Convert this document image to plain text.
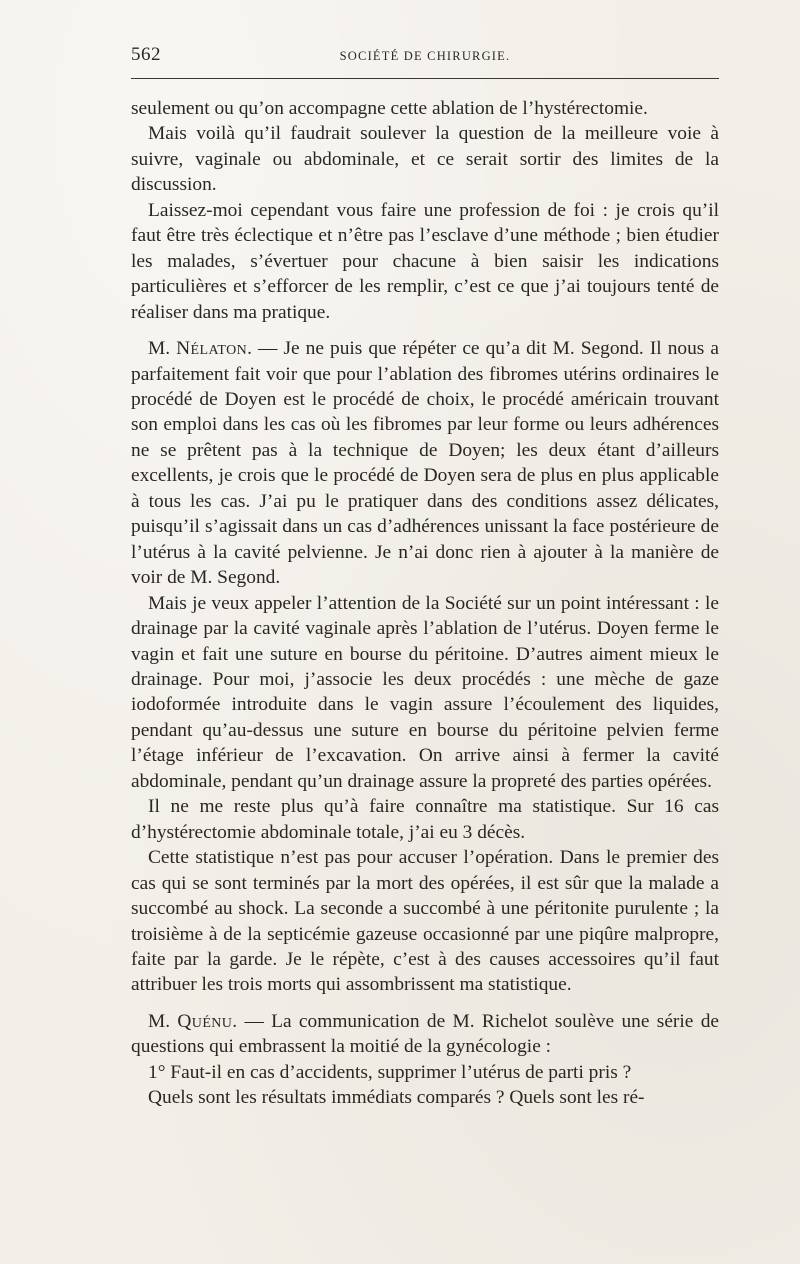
562	SOCIÉTÉ DE CHIRURGIE.

seulement ou qu’on accompagne cette ablation de l’hystérectomie.

Mais voilà qu’il faudrait soulever la question de la meilleure voie à suivre, vaginale ou abdominale, et ce serait sortir des limites de la discussion.

Laissez-moi cependant vous faire une profession de foi : je crois qu’il faut être très éclectique et n’être pas l’esclave d’une méthode ; bien étudier les malades, s’évertuer pour chacune à bien saisir les indications particulières et s’efforcer de les remplir, c’est ce que j’ai toujours tenté de réaliser dans ma pratique.

M. Nélaton. — Je ne puis que répéter ce qu’a dit M. Segond. Il nous a parfaitement fait voir que pour l’ablation des fibromes utérins ordinaires le procédé de Doyen est le procédé de choix, le procédé américain trouvant son emploi dans les cas où les fibromes par leur forme ou leurs adhérences ne se prêtent pas à la technique de Doyen; les deux étant d’ailleurs excellents, je crois que le procédé de Doyen sera de plus en plus applicable à tous les cas. J’ai pu le pratiquer dans des conditions assez délicates, puisqu’il s’agissait dans un cas d’adhérences unissant la face postérieure de l’utérus à la cavité pelvienne. Je n’ai donc rien à ajouter à la manière de voir de M. Segond.

Mais je veux appeler l’attention de la Société sur un point intéressant : le drainage par la cavité vaginale après l’ablation de l’utérus. Doyen ferme le vagin et fait une suture en bourse du péritoine. D’autres aiment mieux le drainage. Pour moi, j’associe les deux procédés : une mèche de gaze iodoformée introduite dans le vagin assure l’écoulement des liquides, pendant qu’au-dessus une suture en bourse du péritoine pelvien ferme l’étage inférieur de l’excavation. On arrive ainsi à fermer la cavité abdominale, pendant qu’un drainage assure la propreté des parties opérées.

Il ne me reste plus qu’à faire connaître ma statistique. Sur 16 cas d’hystérectomie abdominale totale, j’ai eu 3 décès.

Cette statistique n’est pas pour accuser l’opération. Dans le premier des cas qui se sont terminés par la mort des opérées, il est sûr que la malade a succombé au shock. La seconde a succombé à une péritonite purulente ; la troisième à de la septicémie gazeuse occasionné par une piqûre malpropre, faite par la garde. Je le répète, c’est à des causes accessoires qu’il faut attribuer les trois morts qui assombrissent ma statistique.

M. Quénu. — La communication de M. Richelot soulève une série de questions qui embrassent la moitié de la gynécologie :

1° Faut-il en cas d’accidents, supprimer l’utérus de parti pris ?

Quels sont les résultats immédiats comparés ? Quels sont les ré-
